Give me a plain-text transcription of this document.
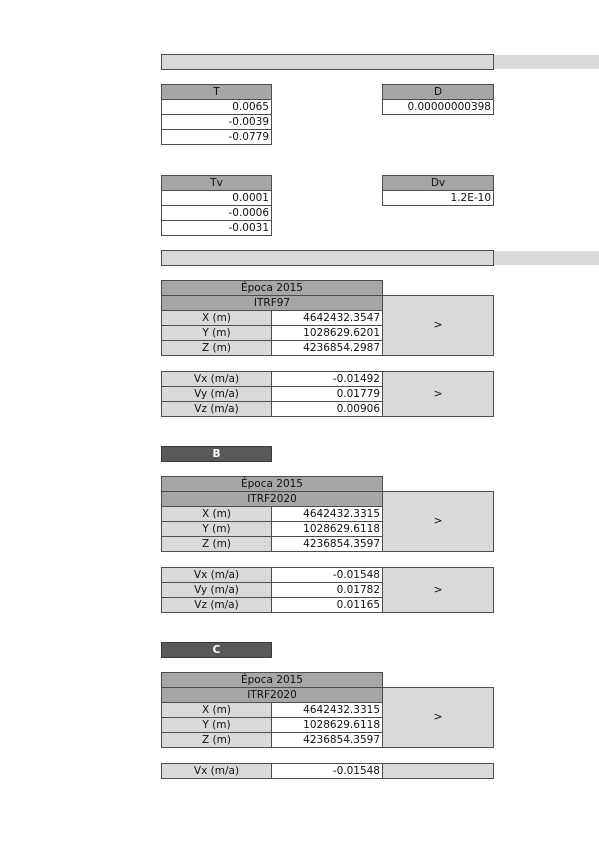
T
0.0065
-0.0039
-0.0779
D
0.00000000398
Tv
0.0001
-0.0006
-0.0031
Dv
1.2E-10
Época 2015
ITRF97
X (m)	4642432.3547
Y (m)	1028629.6201
Z (m)	4236854.2987
>
Vx (m/a)	-0.01492
Vy (m/a)	0.01779
Vz (m/a)	0.00906
>
B
Época 2015
ITRF2020
X (m)	4642432.3315
Y (m)	1028629.6118
Z (m)	4236854.3597
>
Vx (m/a)	-0.01548
Vy (m/a)	0.01782
Vz (m/a)	0.01165
>
C
Época 2015
ITRF2020
X (m)	4642432.3315
Y (m)	1028629.6118
Z (m)	4236854.3597
>
Vx (m/a)	-0.01548
